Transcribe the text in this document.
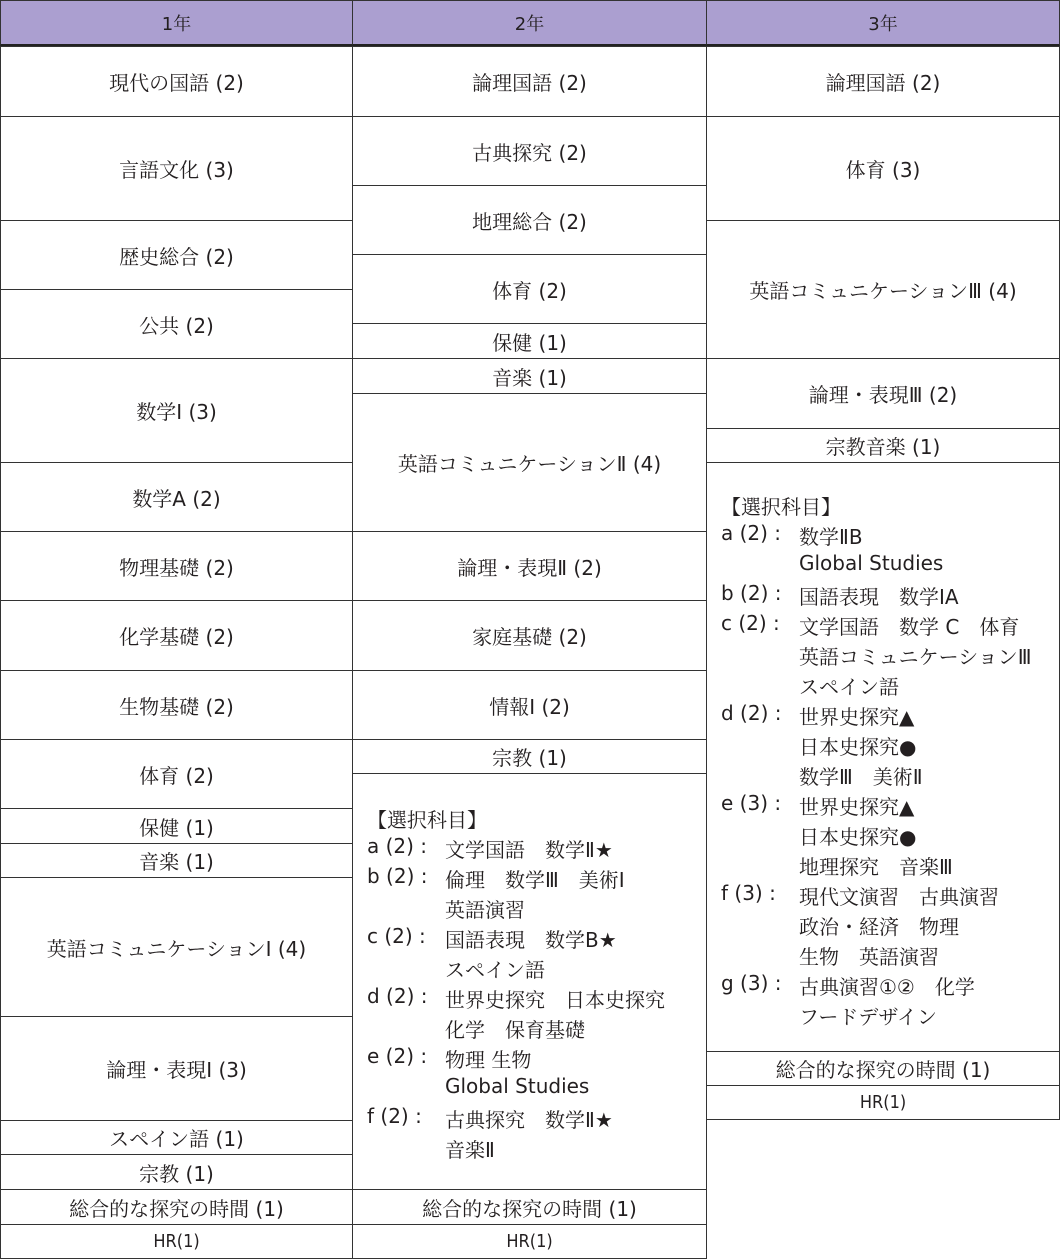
1年	2年	3年
現代の国語 (2)
言語文化 (3)
歴史総合 (2)
公共 (2)
数学Ⅰ (3)
数学A (2)
物理基礎 (2)
化学基礎 (2)
生物基礎 (2)
体育 (2)
保健 (1)
音楽 (1)
英語コミュニケーションⅠ (4)
論理・表現Ⅰ (3)
スペイン語 (1)
宗教 (1)
総合的な探究の時間 (1)
HR(1)
論理国語 (2)
古典探究 (2)
地理総合 (2)
体育 (2)
保健 (1)
音楽 (1)
英語コミュニケーションⅡ (4)
論理・表現Ⅱ (2)
家庭基礎 (2)
情報Ⅰ (2)
宗教 (1)
【選択科目】
a (2) : 文学国語　数学Ⅱ★
b (2) : 倫理　数学Ⅲ　美術Ⅰ
英語演習
c (2) : 国語表現　数学B★
スペイン語
d (2) : 世界史探究　日本史探究
化学　保育基礎
e (2) : 物理 生物
Global Studies
f (2) : 古典探究　数学Ⅱ★
音楽Ⅱ
総合的な探究の時間 (1)
HR(1)
論理国語 (2)
体育 (3)
英語コミュニケーションⅢ (4)
論理・表現Ⅲ (2)
宗教音楽 (1)
【選択科目】
a (2) : 数学ⅡB
Global Studies
b (2) : 国語表現　数学ⅠA
c (2) : 文学国語　数学 C　体育
英語コミュニケーションⅢ
スペイン語
d (2) : 世界史探究▲
日本史探究●
数学Ⅲ　美術Ⅱ
e (3) : 世界史探究▲
日本史探究●
地理探究　音楽Ⅲ
f (3) : 現代文演習　古典演習
政治・経済　物理
生物　英語演習
g (3) : 古典演習①②　化学
フードデザイン
総合的な探究の時間 (1)
HR(1)
